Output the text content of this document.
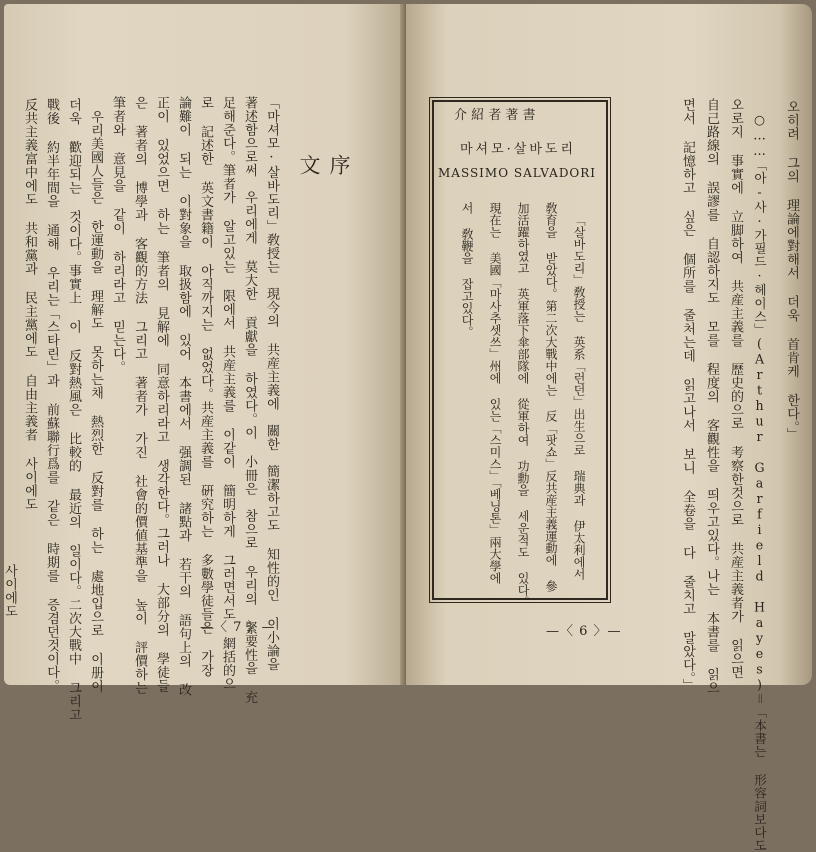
序 文
「마셔모·살바도리」敎授는　現今의 共産主義에　關한　簡潔하고도 知性的인 이小論을
著述함으로써　우리에게 莫大한 貢獻을 하였다。이 小冊은　참으로 우리의 緊要性을 充
足해준다。筆者가 알고있는 限에서 共産主義를 이같이 簡明하게 그러면서도 網括的으
로 記述한 英文書籍이 아직까지는 없었다。共産主義를 硏究하는 多數學徒들은 가장
論難이 되는 이對象을 取扱함에 있어 本書에서 强調된 諸點과 若干의 語句上의 改
正이 있었으면 하는 筆者의 見解에 同意하리라고 생각한다。그러나 大部分의 學徒들
은 著者의 博學과 客觀的方法 그리고 著者가 가진 社會的價値基準을 높이 評價하는
筆者와 意見을 같이 하리라고 믿는다。
우리美國人들은 한運動을 理解도 못하는채 熱烈한 反對를 하는 處地입으로 이册이
더욱 歡迎되는 것이다。事實上 이 反對熱風은 比較的 最近의 일이다。二次大戰中 그리고
戰後 約半年間을 通해 우리는「스타린」과 前蘇聯行爲를 같은 時期를 증겸던것이다。
反共主義富中에도 共和黨과 民主黨에도 自由主義者 사이에도
사이에도
—〈 7 〉—
오히려 그의 理論에對해서 더욱 首肯케 한다。」
○……「아-사·가필드·헤이스」(Arthur Garfield Hayes)＝「本書는 形容詞보다도
오로지 事實에 立脚하여 共産主義를 歷史的으로 考察한것으로 共産主義者가 읽으면
自己路線의 誤謬를 自認하지도 모를 程度의 客觀性을 띄우고있다。나는 本書를 읽으
면서 記憶하고 싶은 個所를 줄처는데 읽고나서 보니 全卷을 다 줄치고 말았다。」
介 紹 者 著 書
마셔모·살바도리
MASSIMO SALVADORI
「살바도리」敎授는 英系「런던」出生으로 瑞典과 伊太利에서
敎育을 받았다。第二次大戰中에는 反「팟쇼」反共産主義運動에 參
加活躍하였고 英軍落下傘部隊에 從軍하여 功勳을 세운적도 있다。
現在는 美國「마사추셋쓰」州에 있는「스미스」「베닝톤」兩大學에
서 敎鞭을 잡고있다。
—〈 6 〉—
